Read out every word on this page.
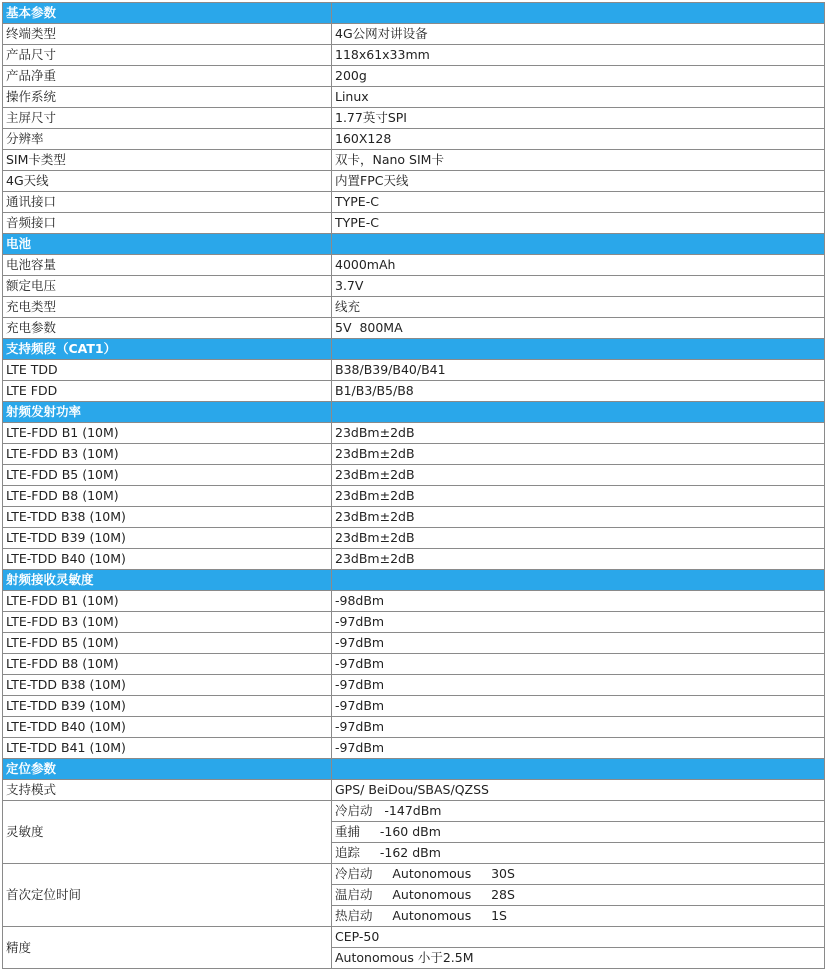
基本参数	
终端类型	4G公网对讲设备
产品尺寸	118x61x33mm
产品净重	200g
操作系统	Linux
主屏尺寸	1.77英寸SPI
分辨率	160X128
SIM卡类型	双卡，Nano SIM卡
4G天线	内置FPC天线
通讯接口	TYPE-C
音频接口	TYPE-C
电池	
电池容量	4000mAh
额定电压	3.7V
充电类型	线充
充电参数	5V  800MA
支持频段（CAT1）	
LTE TDD	B38/B39/B40/B41
LTE FDD	B1/B3/B5/B8
射频发射功率	
LTE-FDD B1 (10M)	23dBm±2dB
LTE-FDD B3 (10M)	23dBm±2dB
LTE-FDD B5 (10M)	23dBm±2dB
LTE-FDD B8 (10M)	23dBm±2dB
LTE-TDD B38 (10M)	23dBm±2dB
LTE-TDD B39 (10M)	23dBm±2dB
LTE-TDD B40 (10M)	23dBm±2dB
射频接收灵敏度	
LTE-FDD B1 (10M)	-98dBm
LTE-FDD B3 (10M)	-97dBm
LTE-FDD B5 (10M)	-97dBm
LTE-FDD B8 (10M)	-97dBm
LTE-TDD B38 (10M)	-97dBm
LTE-TDD B39 (10M)	-97dBm
LTE-TDD B40 (10M)	-97dBm
LTE-TDD B41 (10M)	-97dBm
定位参数	
支持模式	GPS/ BeiDou/SBAS/QZSS
灵敏度	冷启动   -147dBm
	重捕     -160 dBm
	追踪     -162 dBm
首次定位时间	冷启动     Autonomous     30S
	温启动     Autonomous     28S
	热启动     Autonomous     1S
精度	CEP-50
	Autonomous 小于2.5M
